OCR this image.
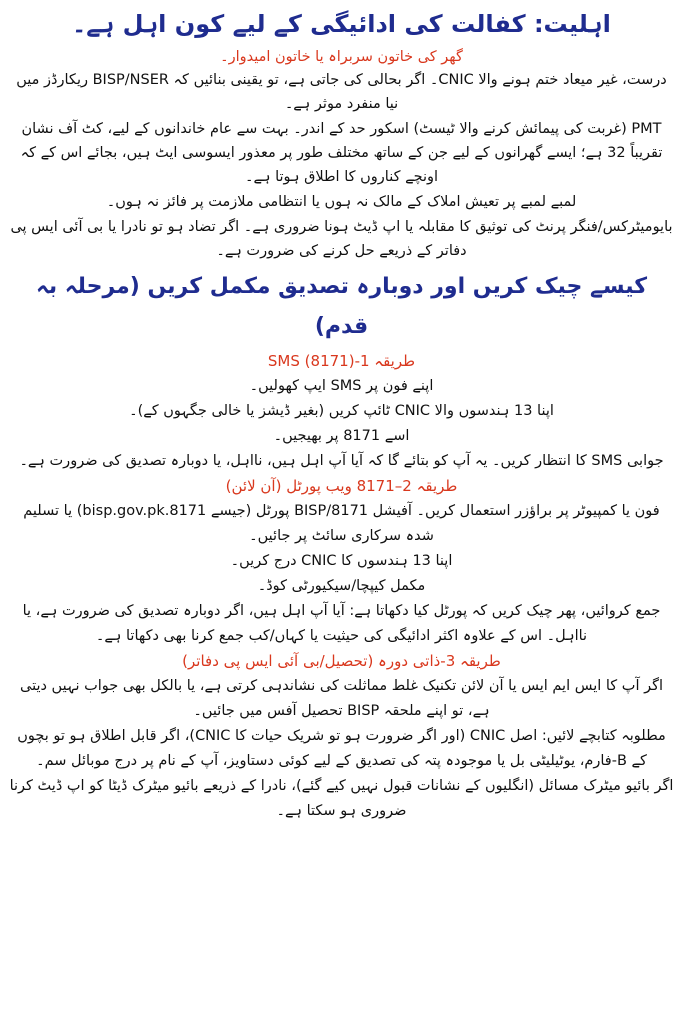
اہلیت: کفالت کی ادائیگی کے لیے کون اہل ہے۔

گھر کی خاتون سربراہ یا خاتون امیدوار۔

درست، غیر میعاد ختم ہونے والا CNIC۔ اگر بحالی کی جاتی ہے، تو یقینی بنائیں کہ BISP/NSER ریکارڈز میں نیا منفرد موثر ہے۔

PMT (غربت کی پیمائش کرنے والا ٹیسٹ) اسکور حد کے اندر۔ بہت سے عام خاندانوں کے لیے، کٹ آف نشان تقریباً 32 ہے؛ ایسے گھرانوں کے لیے جن کے ساتھ مختلف طور پر معذور ایسوسی ایٹ ہیں، بجائے اس کے کہ اونچے کناروں کا اطلاق ہوتا ہے۔

لمبے لمبے پر تعیش املاک کے مالک نہ ہوں یا انتظامی ملازمت پر فائز نہ ہوں۔

بایومیٹرکس/فنگر پرنٹ کی توثیق کا مقابلہ یا اپ ڈیٹ ہونا ضروری ہے۔ اگر تضاد ہو تو نادرا یا بی آئی ایس پی دفاتر کے ذریعے حل کرنے کی ضرورت ہے۔

کیسے چیک کریں اور دوبارہ تصدیق مکمل کریں (مرحلہ بہ قدم)

طریقہ 1-(8171) SMS

اپنے فون پر SMS ایپ کھولیں۔

اپنا 13 ہندسوں والا CNIC ٹائپ کریں (بغیر ڈیشز یا خالی جگہوں کے)۔

اسے 8171 پر بھیجیں۔

جوابی SMS کا انتظار کریں۔ یہ آپ کو بتائے گا کہ آیا آپ اہل ہیں، نااہل، یا دوبارہ تصدیق کی ضرورت ہے۔

طریقہ 2–8171 ویب پورٹل (آن لائن)

فون یا کمپیوٹر پر براؤزر استعمال کریں۔ آفیشل BISP/8171 پورٹل (جیسے bisp.gov.pk.8171) یا تسلیم شدہ سرکاری سائٹ پر جائیں۔

اپنا 13 ہندسوں کا CNIC درج کریں۔

مکمل کیپچا/سیکیورٹی کوڈ۔

جمع کروائیں، پھر چیک کریں کہ پورٹل کیا دکھاتا ہے: آیا آپ اہل ہیں، اگر دوبارہ تصدیق کی ضرورت ہے، یا نااہل۔ اس کے علاوہ اکثر ادائیگی کی حیثیت یا کہاں/کب جمع کرنا بھی دکھاتا ہے۔

طریقہ 3-ذاتی دورہ (تحصیل/بی آئی ایس پی دفاتر)

اگر آپ کا ایس ایم ایس یا آن لائن تکنیک غلط مماثلت کی نشاندہی کرتی ہے، یا بالکل بھی جواب نہیں دیتی ہے، تو اپنے ملحقہ BISP تحصیل آفس میں جائیں۔

مطلوبہ کتابچے لائیں: اصل CNIC (اور اگر ضرورت ہو تو شریک حیات کا CNIC)، اگر قابل اطلاق ہو تو بچوں کے B-فارم، یوٹیلیٹی بل یا موجودہ پتہ کی تصدیق کے لیے کوئی دستاویز، آپ کے نام پر درج موبائل سم۔

اگر بائیو میٹرک مسائل (انگلیوں کے نشانات قبول نہیں کیے گئے)، نادرا کے ذریعے بائیو میٹرک ڈیٹا کو اپ ڈیٹ کرنا ضروری ہو سکتا ہے۔
